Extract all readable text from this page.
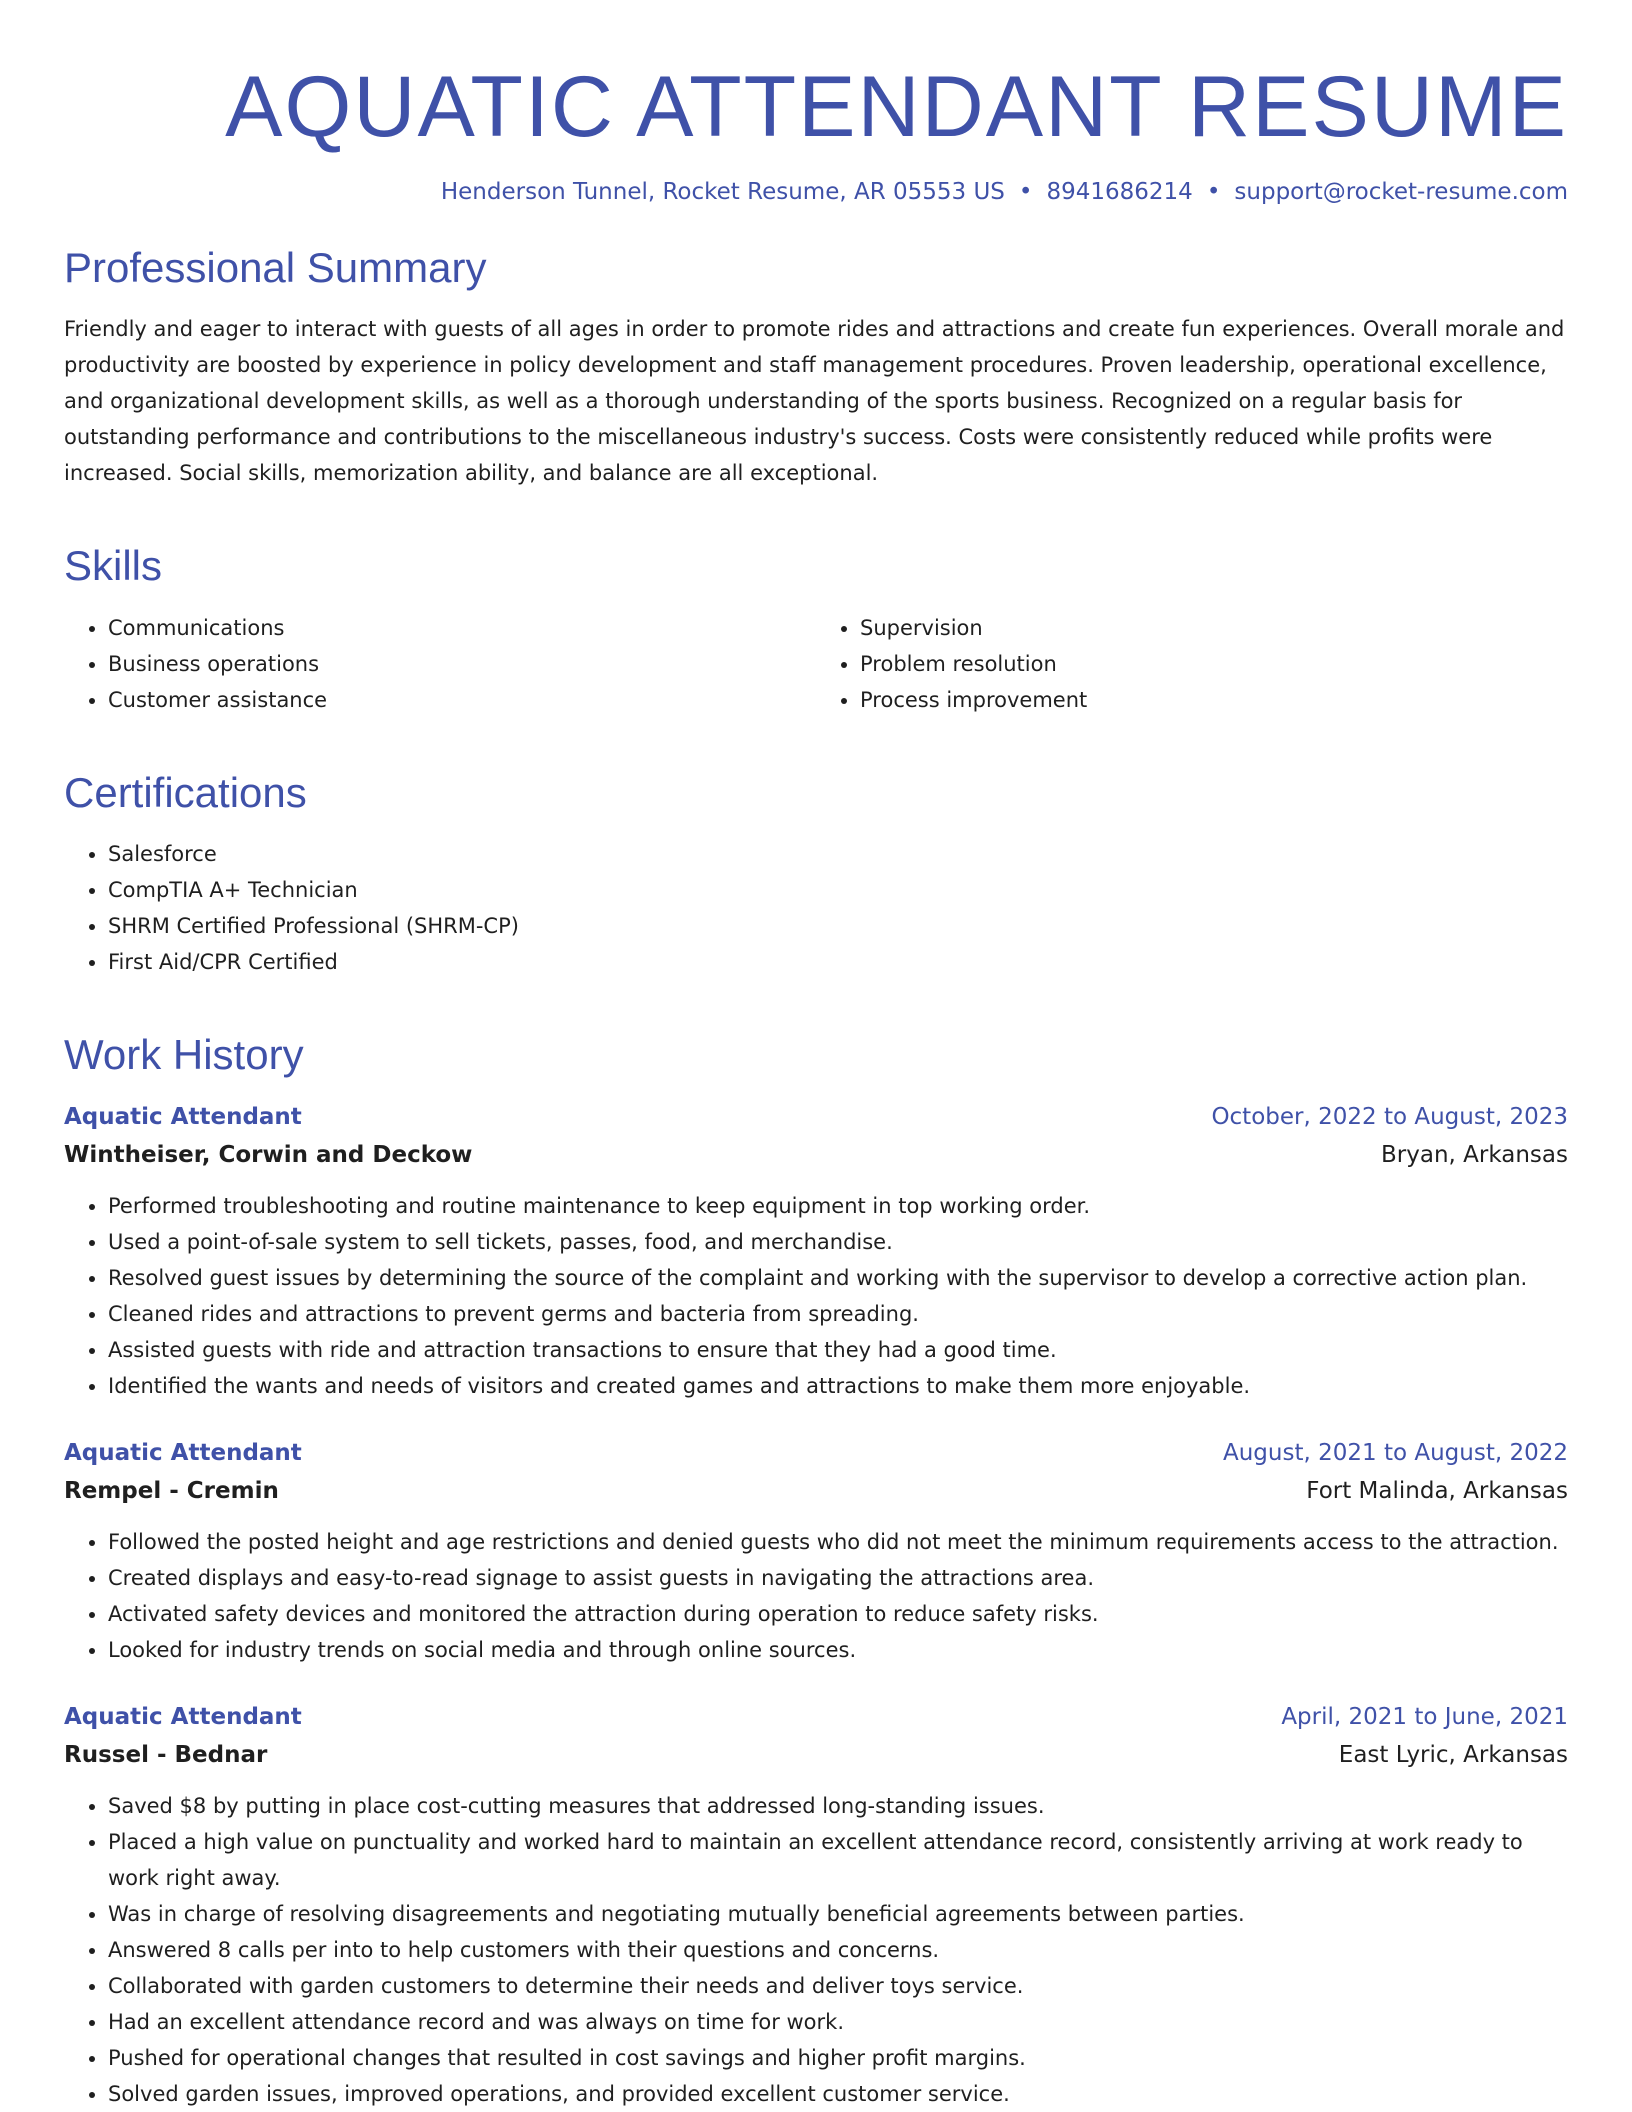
AQUATIC ATTENDANT RESUME
Henderson Tunnel, Rocket Resume, AR 05553 US • 8941686214 • support@rocket-resume.com
Professional Summary

Friendly and eager to interact with guests of all ages in order to promote rides and attractions and create fun experiences. Overall morale and productivity are boosted by experience in policy development and staff management procedures. Proven leadership, operational excellence, and organizational development skills, as well as a thorough understanding of the sports business. Recognized on a regular basis for outstanding performance and contributions to the miscellaneous industry's success. Costs were consistently reduced while profits were increased. Social skills, memorization ability, and balance are all exceptional.

Skills
• Communications
• Business operations
• Customer assistance
• Supervision
• Problem resolution
• Process improvement
Certifications
• Salesforce
• CompTIA A+ Technician
• SHRM Certified Professional (SHRM-CP)
• First Aid/CPR Certified
Work History
Aquatic Attendant	October, 2022 to August, 2023
Wintheiser, Corwin and Deckow	Bryan, Arkansas
• Performed troubleshooting and routine maintenance to keep equipment in top working order.
• Used a point-of-sale system to sell tickets, passes, food, and merchandise.
• Resolved guest issues by determining the source of the complaint and working with the supervisor to develop a corrective action plan.
• Cleaned rides and attractions to prevent germs and bacteria from spreading.
• Assisted guests with ride and attraction transactions to ensure that they had a good time.
• Identified the wants and needs of visitors and created games and attractions to make them more enjoyable.
Aquatic Attendant	August, 2021 to August, 2022
Rempel - Cremin	Fort Malinda, Arkansas
• Followed the posted height and age restrictions and denied guests who did not meet the minimum requirements access to the attraction.
• Created displays and easy-to-read signage to assist guests in navigating the attractions area.
• Activated safety devices and monitored the attraction during operation to reduce safety risks.
• Looked for industry trends on social media and through online sources.
Aquatic Attendant	April, 2021 to June, 2021
Russel - Bednar	East Lyric, Arkansas
• Saved $8 by putting in place cost-cutting measures that addressed long-standing issues.
• Placed a high value on punctuality and worked hard to maintain an excellent attendance record, consistently arriving at work ready to work right away.
• Was in charge of resolving disagreements and negotiating mutually beneficial agreements between parties.
• Answered 8 calls per into to help customers with their questions and concerns.
• Collaborated with garden customers to determine their needs and deliver toys service.
• Had an excellent attendance record and was always on time for work.
• Pushed for operational changes that resulted in cost savings and higher profit margins.
• Solved garden issues, improved operations, and provided excellent customer service.
